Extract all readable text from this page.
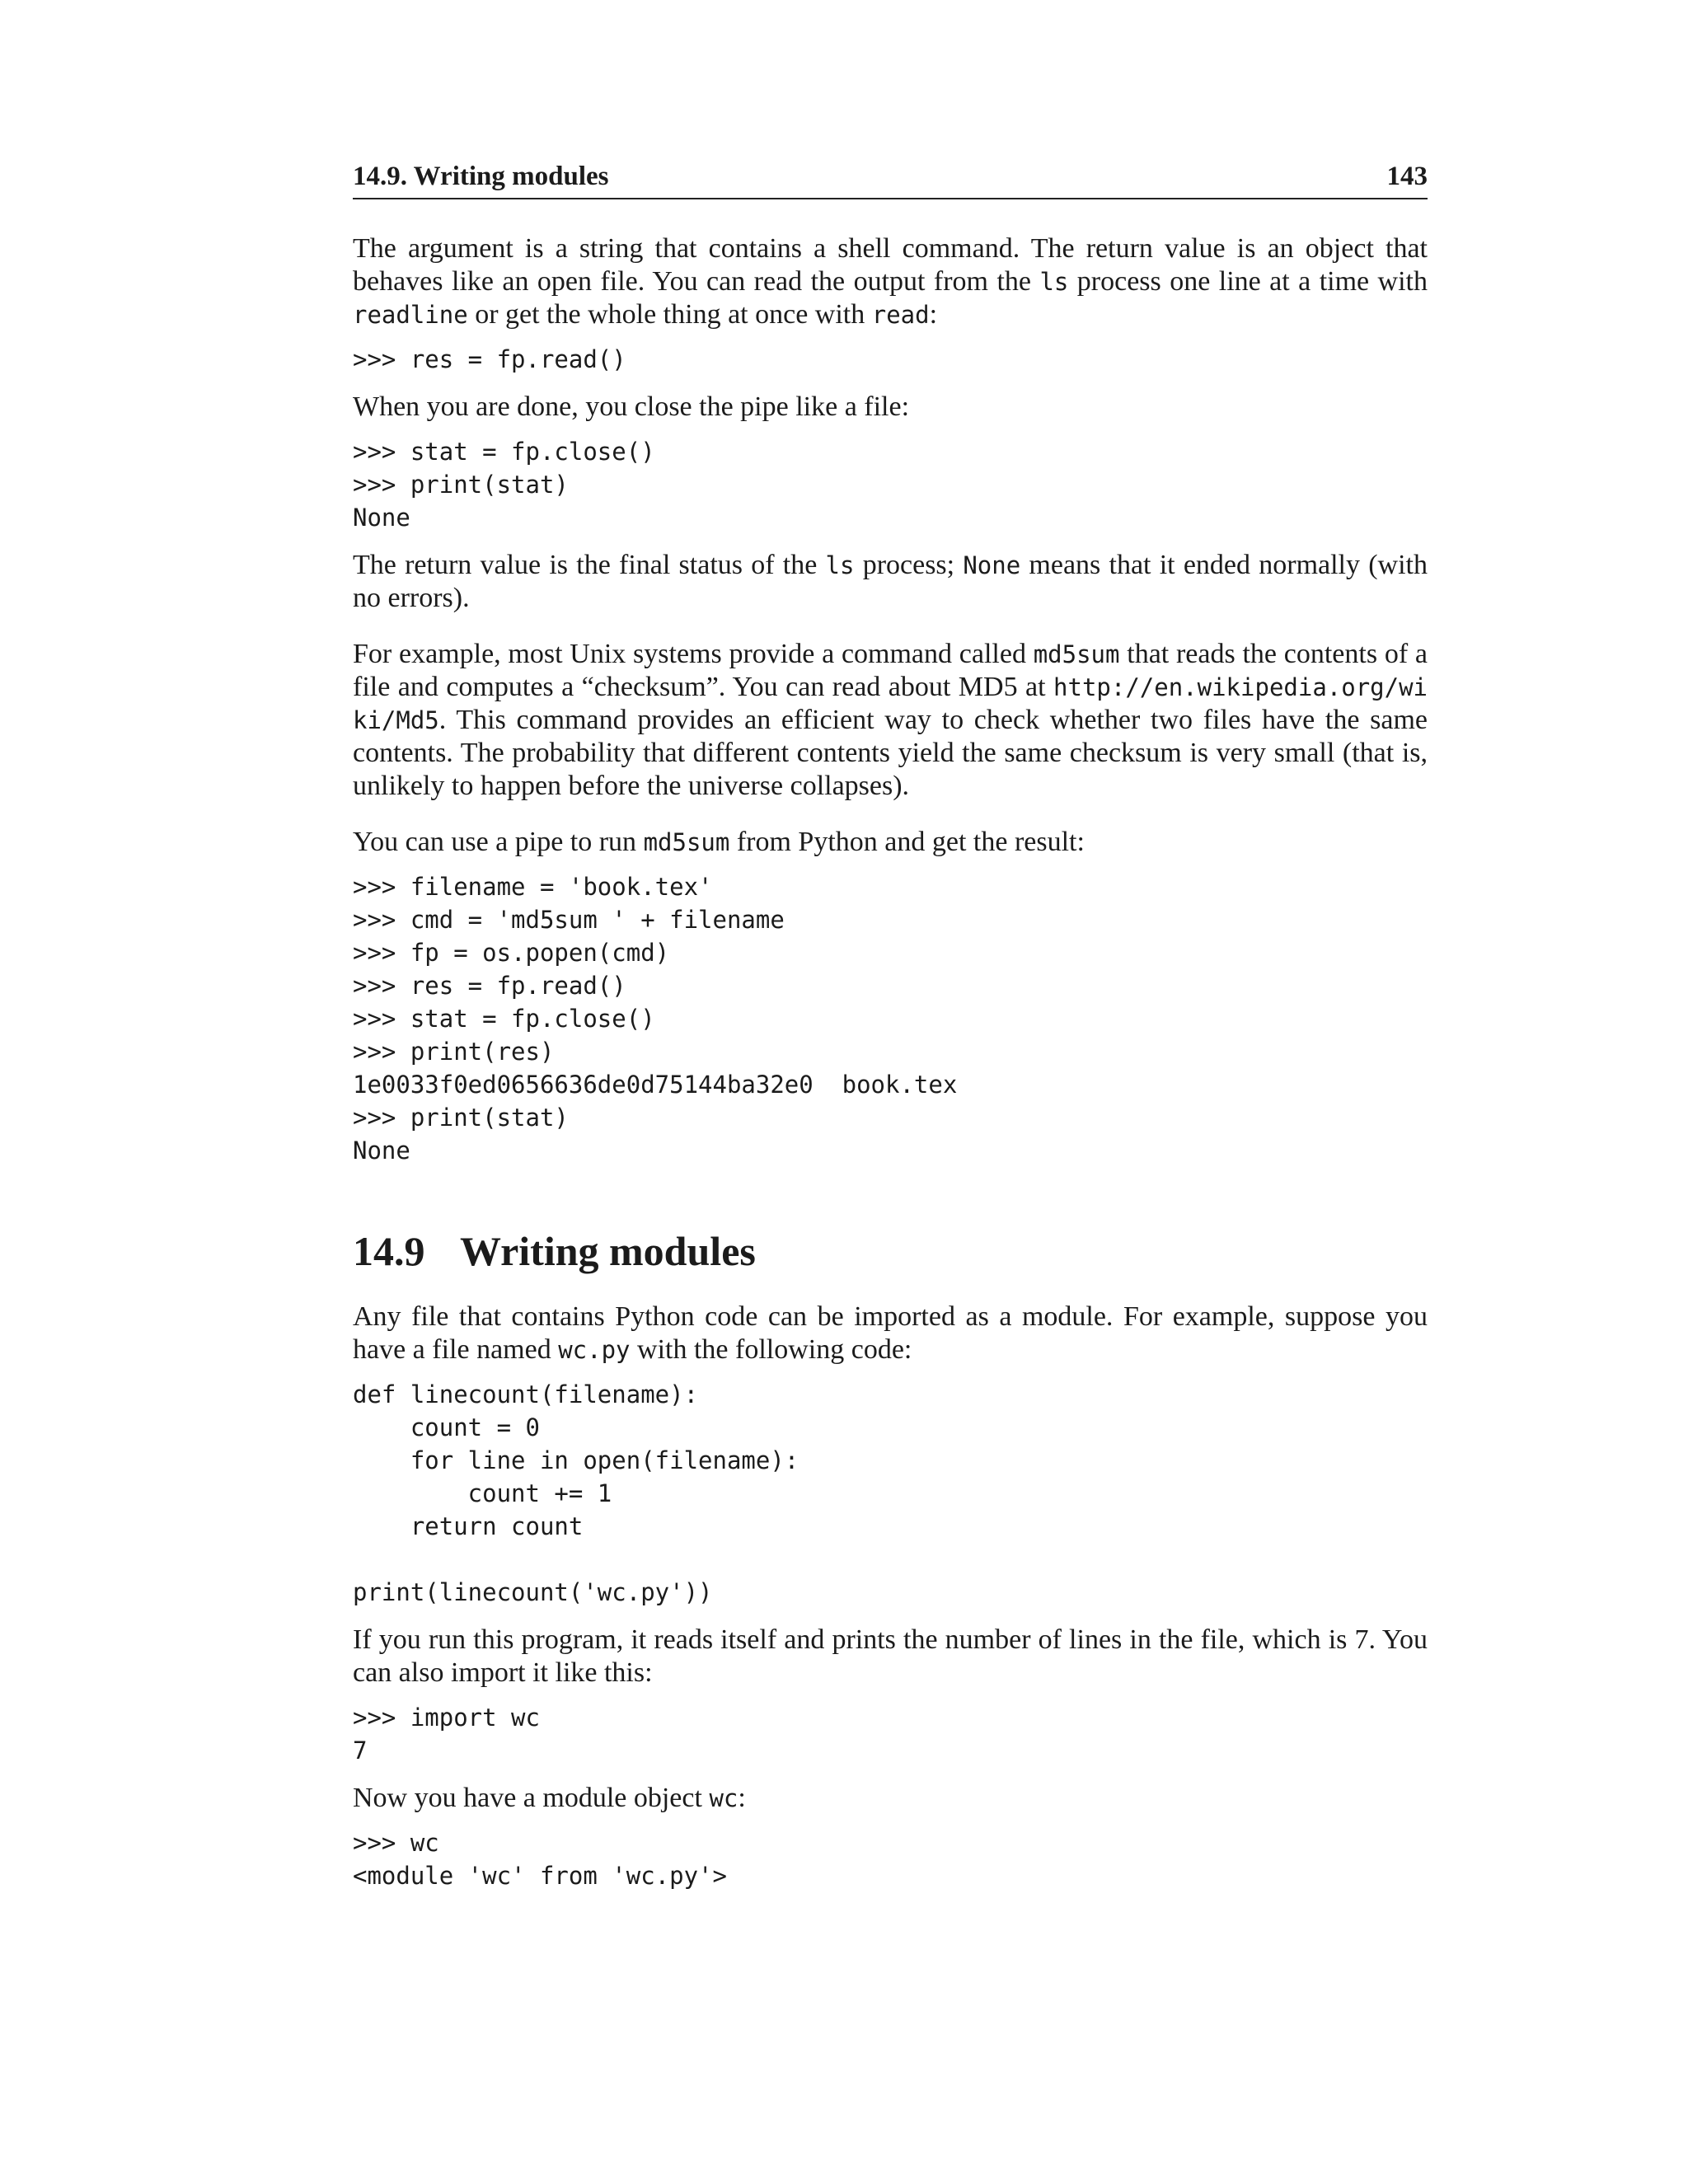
14.9. Writing modules	143

The argument is a string that contains a shell command. The return value is an object that behaves like an open file. You can read the output from the ls process one line at a time with readline or get the whole thing at once with read:

>>> res = fp.read()

When you are done, you close the pipe like a file:

>>> stat = fp.close()
>>> print(stat)
None

The return value is the final status of the ls process; None means that it ended normally (with no errors).

For example, most Unix systems provide a command called md5sum that reads the contents of a file and computes a “checksum”. You can read about MD5 at http://en.wikipedia.org/wiki/Md5. This command provides an efficient way to check whether two files have the same contents. The probability that different contents yield the same checksum is very small (that is, unlikely to happen before the universe collapses).

You can use a pipe to run md5sum from Python and get the result:

>>> filename = 'book.tex'
>>> cmd = 'md5sum ' + filename
>>> fp = os.popen(cmd)
>>> res = fp.read()
>>> stat = fp.close()
>>> print(res)
1e0033f0ed0656636de0d75144ba32e0  book.tex
>>> print(stat)
None
14.9 Writing modules

Any file that contains Python code can be imported as a module. For example, suppose you have a file named wc.py with the following code:

def linecount(filename):
count = 0
for line in open(filename):
count += 1
return count

print(linecount('wc.py'))

If you run this program, it reads itself and prints the number of lines in the file, which is 7. You can also import it like this:

>>> import wc
7

Now you have a module object wc:

>>> wc
<module 'wc' from 'wc.py'>
